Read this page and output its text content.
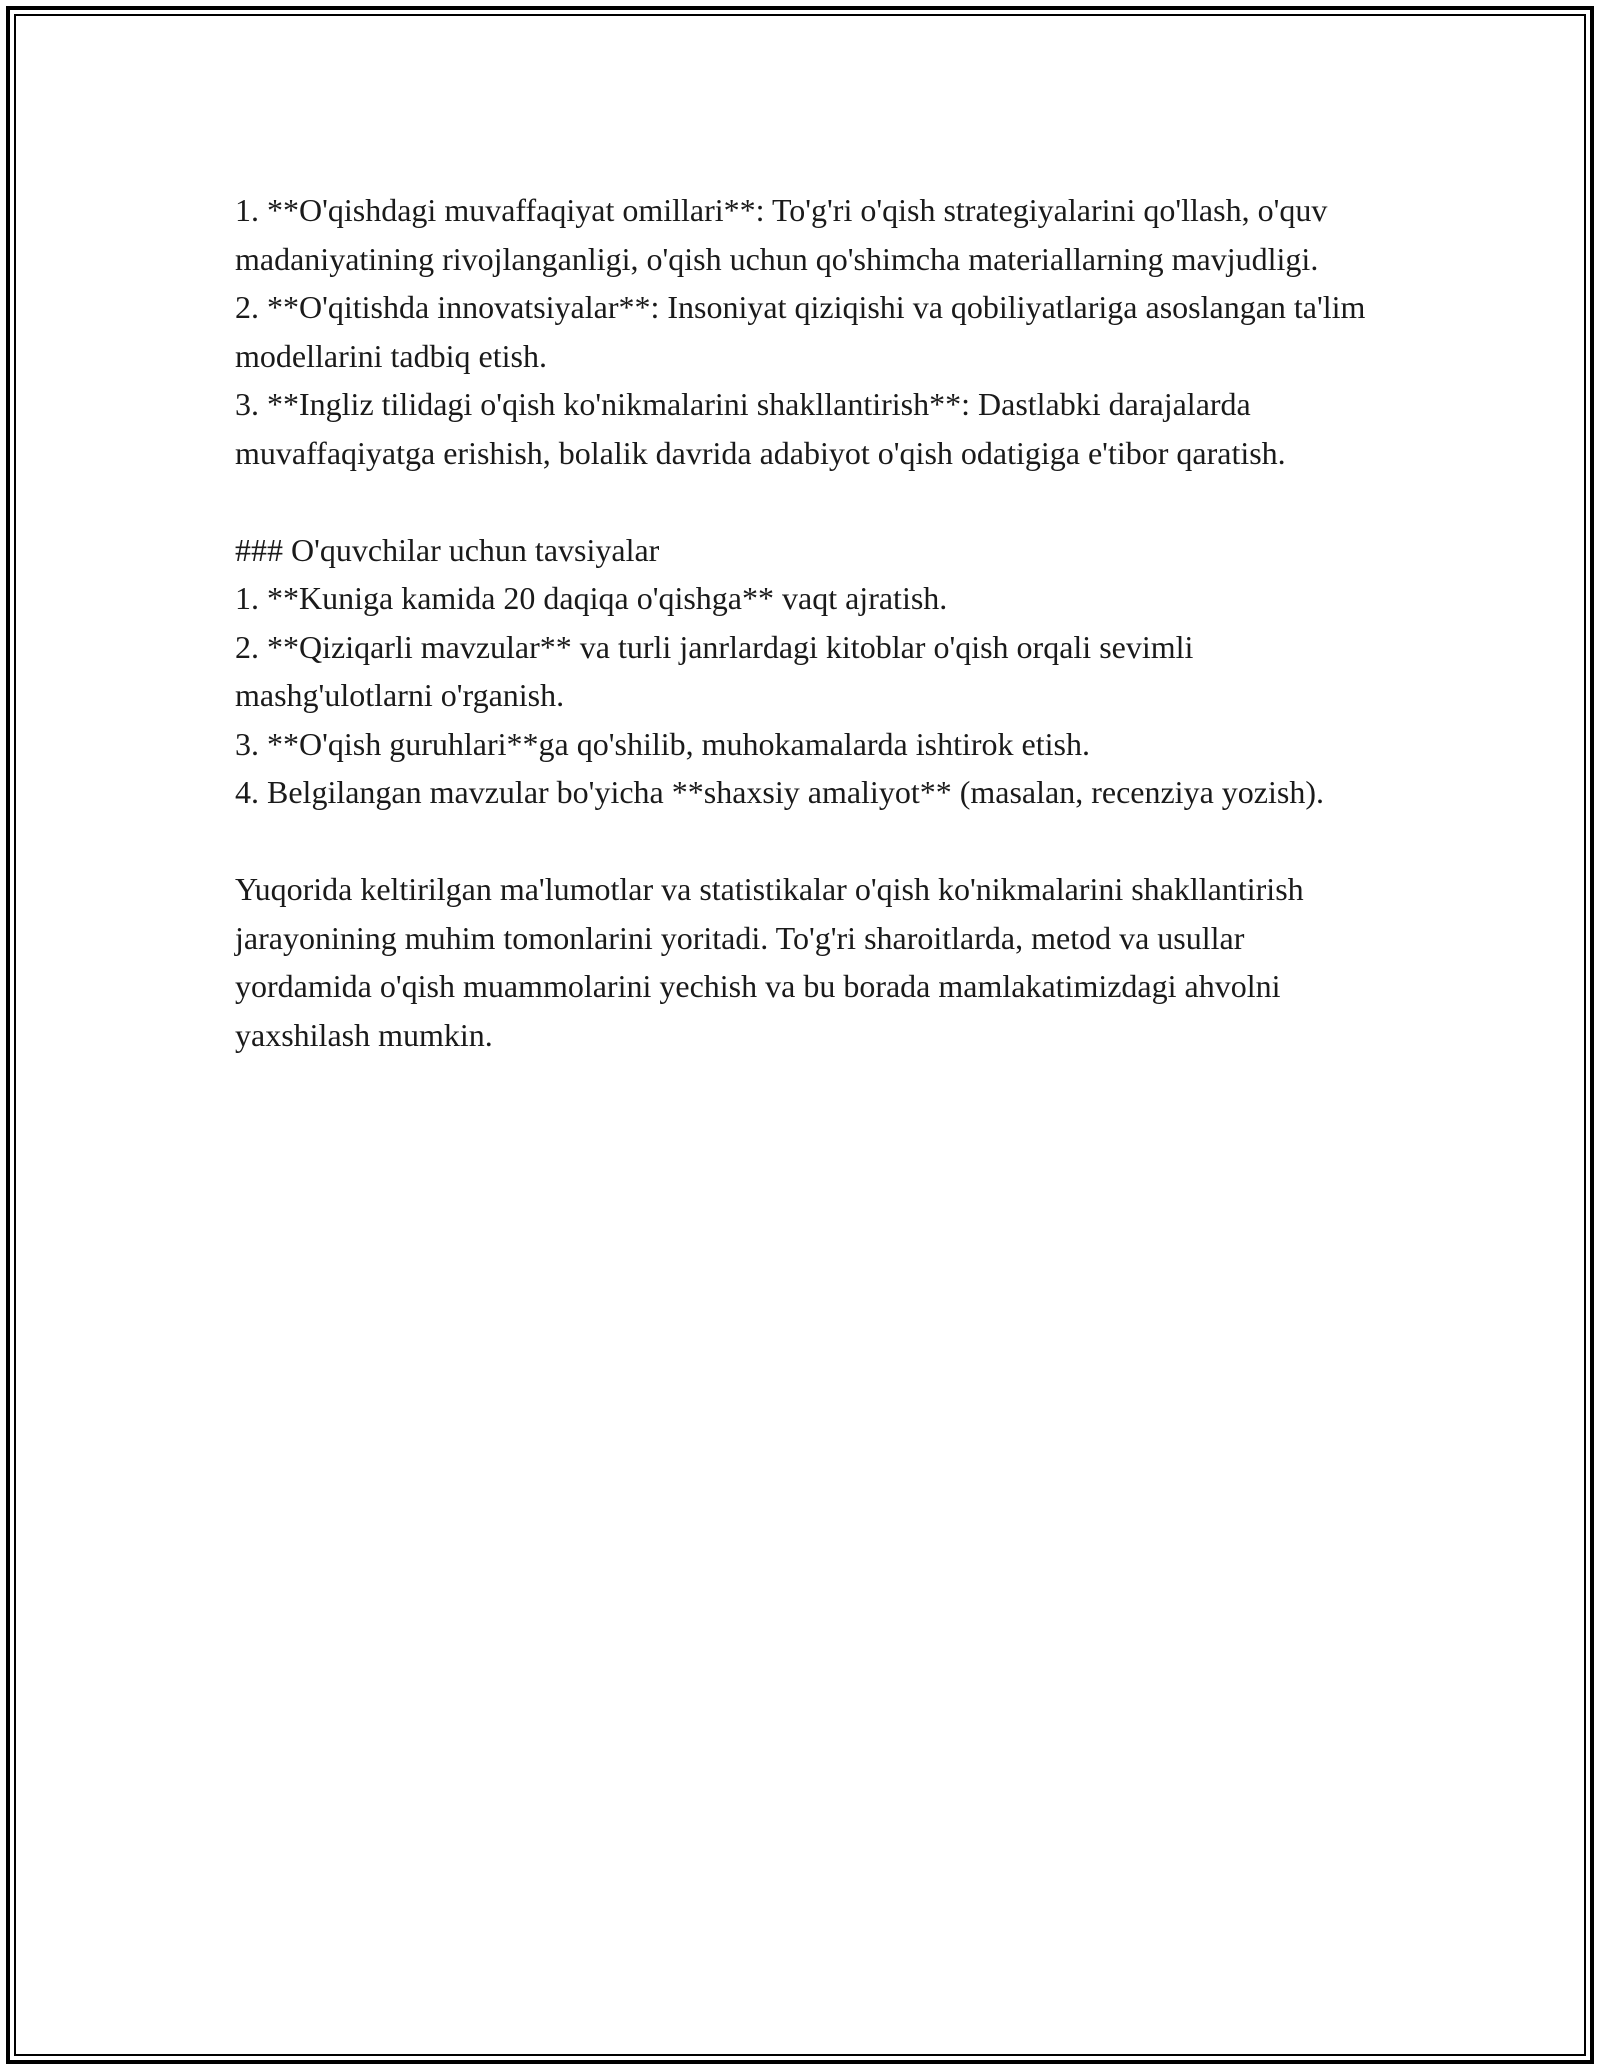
1. **O'qishdagi muvaffaqiyat omillari**: To'g'ri o'qish strategiyalarini qo'llash, o'quv madaniyatining rivojlanganligi, o'qish uchun qo'shimcha materiallarning mavjudligi.

2. **O'qitishda innovatsiyalar**: Insoniyat qiziqishi va qobiliyatlariga asoslangan ta'lim modellarini tadbiq etish.

3. **Ingliz tilidagi o'qish ko'nikmalarini shakllantirish**: Dastlabki darajalarda muvaffaqiyatga erishish, bolalik davrida adabiyot o'qish odatigiga e'tibor qaratish.

### O'quvchilar uchun tavsiyalar

1. **Kuniga kamida 20 daqiqa o'qishga** vaqt ajratish.

2. **Qiziqarli mavzular** va turli janrlardagi kitoblar o'qish orqali sevimli mashg'ulotlarni o'rganish.

3. **O'qish guruhlari**ga qo'shilib, muhokamalarda ishtirok etish.

4. Belgilangan mavzular bo'yicha **shaxsiy amaliyot** (masalan, recenziya yozish).

Yuqorida keltirilgan ma'lumotlar va statistikalar o'qish ko'nikmalarini shakllantirish jarayonining muhim tomonlarini yoritadi. To'g'ri sharoitlarda, metod va usullar yordamida o'qish muammolarini yechish va bu borada mamlakatimizdagi ahvolni yaxshilash mumkin.
